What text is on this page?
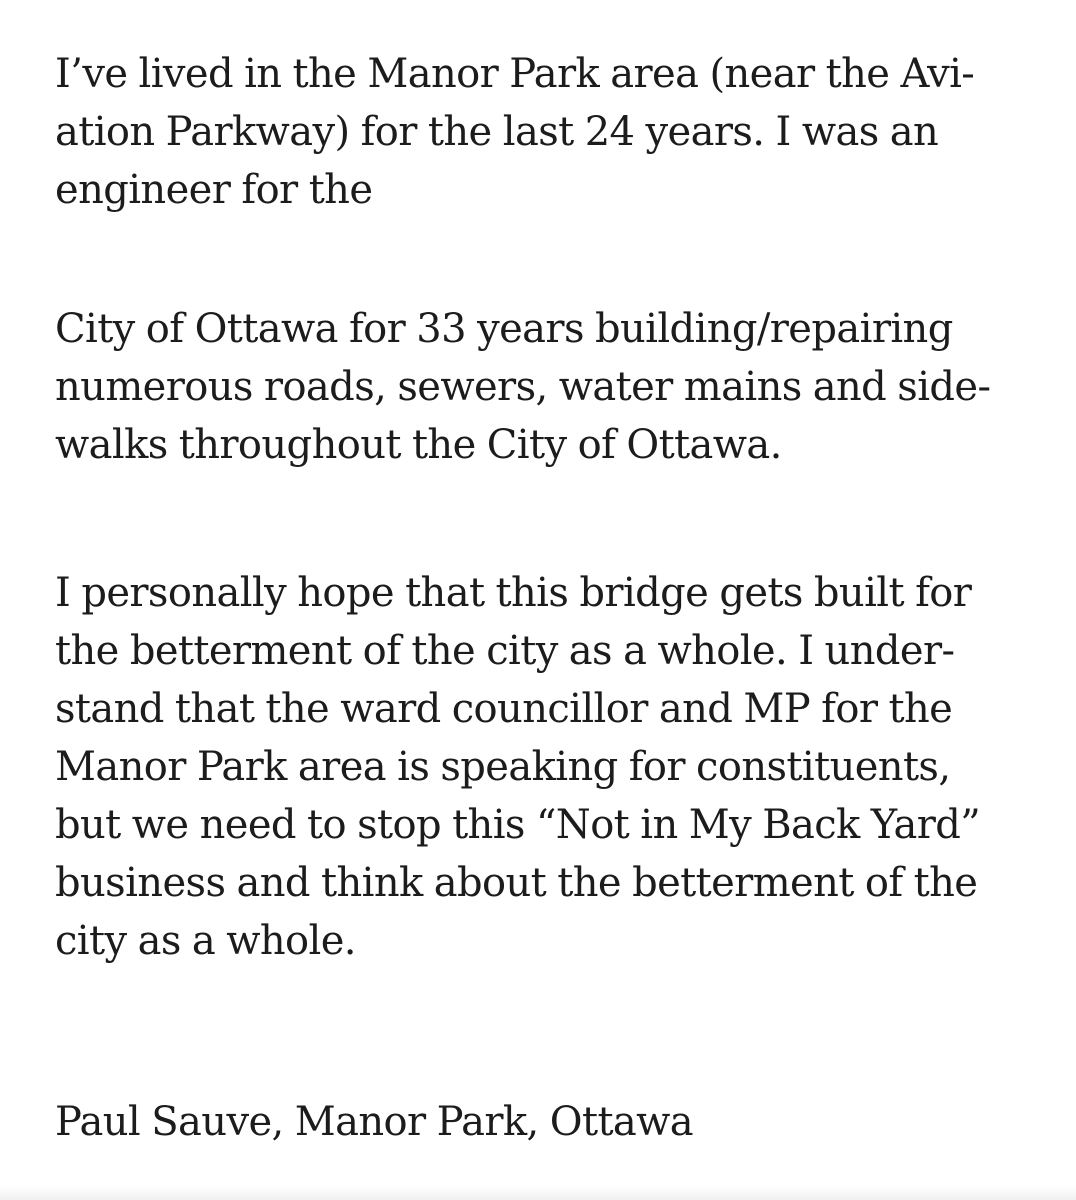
I’ve lived in the Manor Park area (near the Avi-
ation Parkway) for the last 24 years. I was an
engineer for the

City of Ottawa for 33 years building/repairing
numerous roads, sewers, water mains and side-
walks throughout the City of Ottawa.

I personally hope that this bridge gets built for
the betterment of the city as a whole. I under-
stand that the ward councillor and MP for the
Manor Park area is speaking for constituents,
but we need to stop this “Not in My Back Yard”
business and think about the betterment of the
city as a whole.

Paul Sauve, Manor Park, Ottawa
